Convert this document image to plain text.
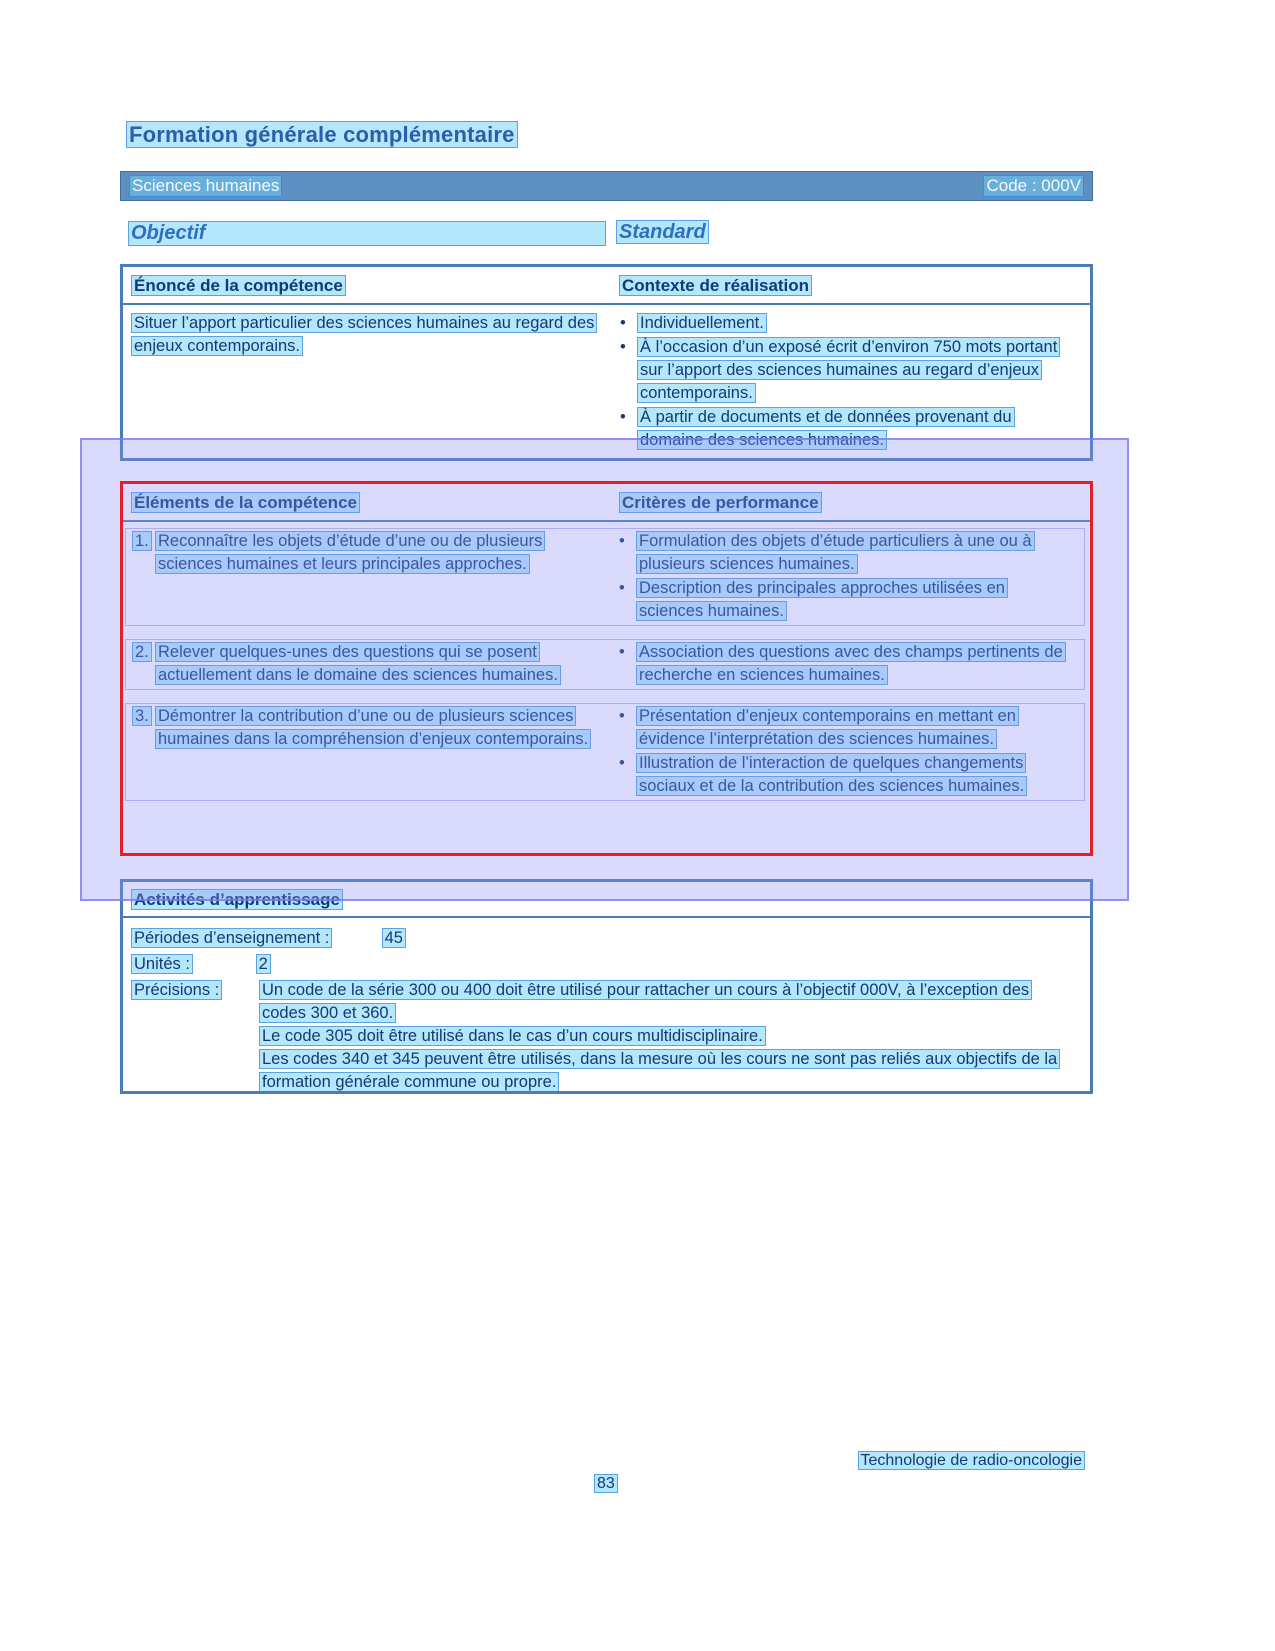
Formation générale complémentaire
Sciences humaines	Code : 000V
Objectif	Standard
Énoncé de la compétence	Contexte de réalisation
Situer l’apport particulier des sciences humaines au regard des enjeux contemporains.
• Individuellement.
• À l’occasion d’un exposé écrit d’environ 750 mots portant sur l’apport des sciences humaines au regard d’enjeux contemporains.
• À partir de documents et de données provenant du domaine des sciences humaines.
Éléments de la compétence	Critères de performance
1. Reconnaître les objets d’étude d’une ou de plusieurs sciences humaines et leurs principales approches.
• Formulation des objets d’étude particuliers à une ou à plusieurs sciences humaines.
• Description des principales approches utilisées en sciences humaines.
2. Relever quelques-unes des questions qui se posent actuellement dans le domaine des sciences humaines.
• Association des questions avec des champs pertinents de recherche en sciences humaines.
3. Démontrer la contribution d’une ou de plusieurs sciences humaines dans la compréhension d’enjeux contemporains.
• Présentation d’enjeux contemporains en mettant en évidence l’interprétation des sciences humaines.
• Illustration de l’interaction de quelques changements sociaux et de la contribution des sciences humaines.
Activités d’apprentissage
Périodes d’enseignement :	45
Unités :	2
Précisions :	Un code de la série 300 ou 400 doit être utilisé pour rattacher un cours à l’objectif 000V, à l’exception des codes 300 et 360.

Le code 305 doit être utilisé dans le cas d’un cours multidisciplinaire.

Les codes 340 et 345 peuvent être utilisés, dans la mesure où les cours ne sont pas reliés aux objectifs de la formation générale commune ou propre.

Technologie de radio-oncologie
83
